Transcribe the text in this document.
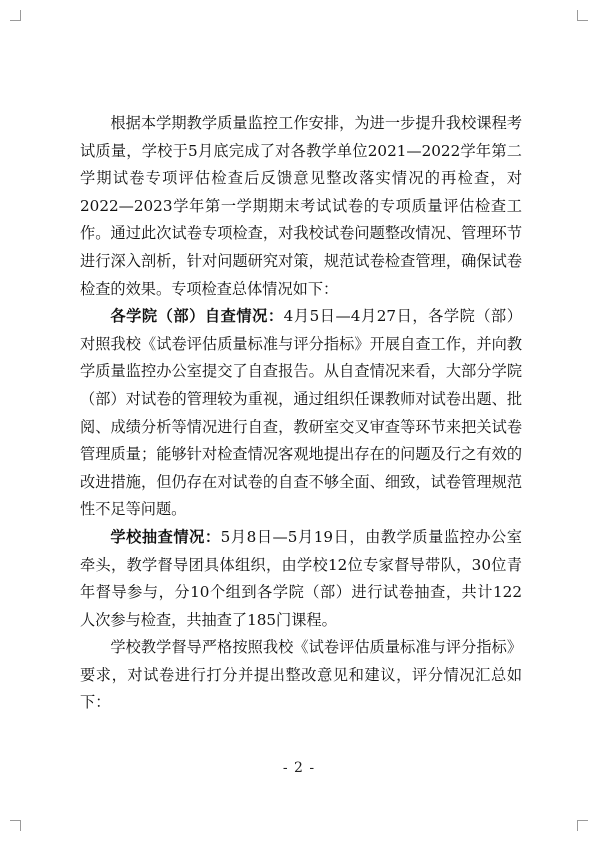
根据本学期教学质量监控工作安排，为进一步提升我校课程考试质量，学校于5月底完成了对各教学单位2021—2022学年第二学期试卷专项评估检查后反馈意见整改落实情况的再检查，对2022—2023学年第一学期期末考试试卷的专项质量评估检查工作。通过此次试卷专项检查，对我校试卷问题整改情况、管理环节进行深入剖析，针对问题研究对策，规范试卷检查管理，确保试卷检查的效果。专项检查总体情况如下：

各学院（部）自查情况：4月5日—4月27日，各学院（部）对照我校《试卷评估质量标准与评分指标》开展自查工作，并向教学质量监控办公室提交了自查报告。从自查情况来看，大部分学院（部）对试卷的管理较为重视，通过组织任课教师对试卷出题、批阅、成绩分析等情况进行自查，教研室交叉审查等环节来把关试卷管理质量；能够针对检查情况客观地提出存在的问题及行之有效的改进措施，但仍存在对试卷的自查不够全面、细致，试卷管理规范性不足等问题。

学校抽查情况：5月8日—5月19日，由教学质量监控办公室牵头，教学督导团具体组织，由学校12位专家督导带队，30位青年督导参与，分10个组到各学院（部）进行试卷抽查，共计122人次参与检查，共抽查了185门课程。

学校教学督导严格按照我校《试卷评估质量标准与评分指标》要求，对试卷进行打分并提出整改意见和建议，评分情况汇总如下：

- 2 -
